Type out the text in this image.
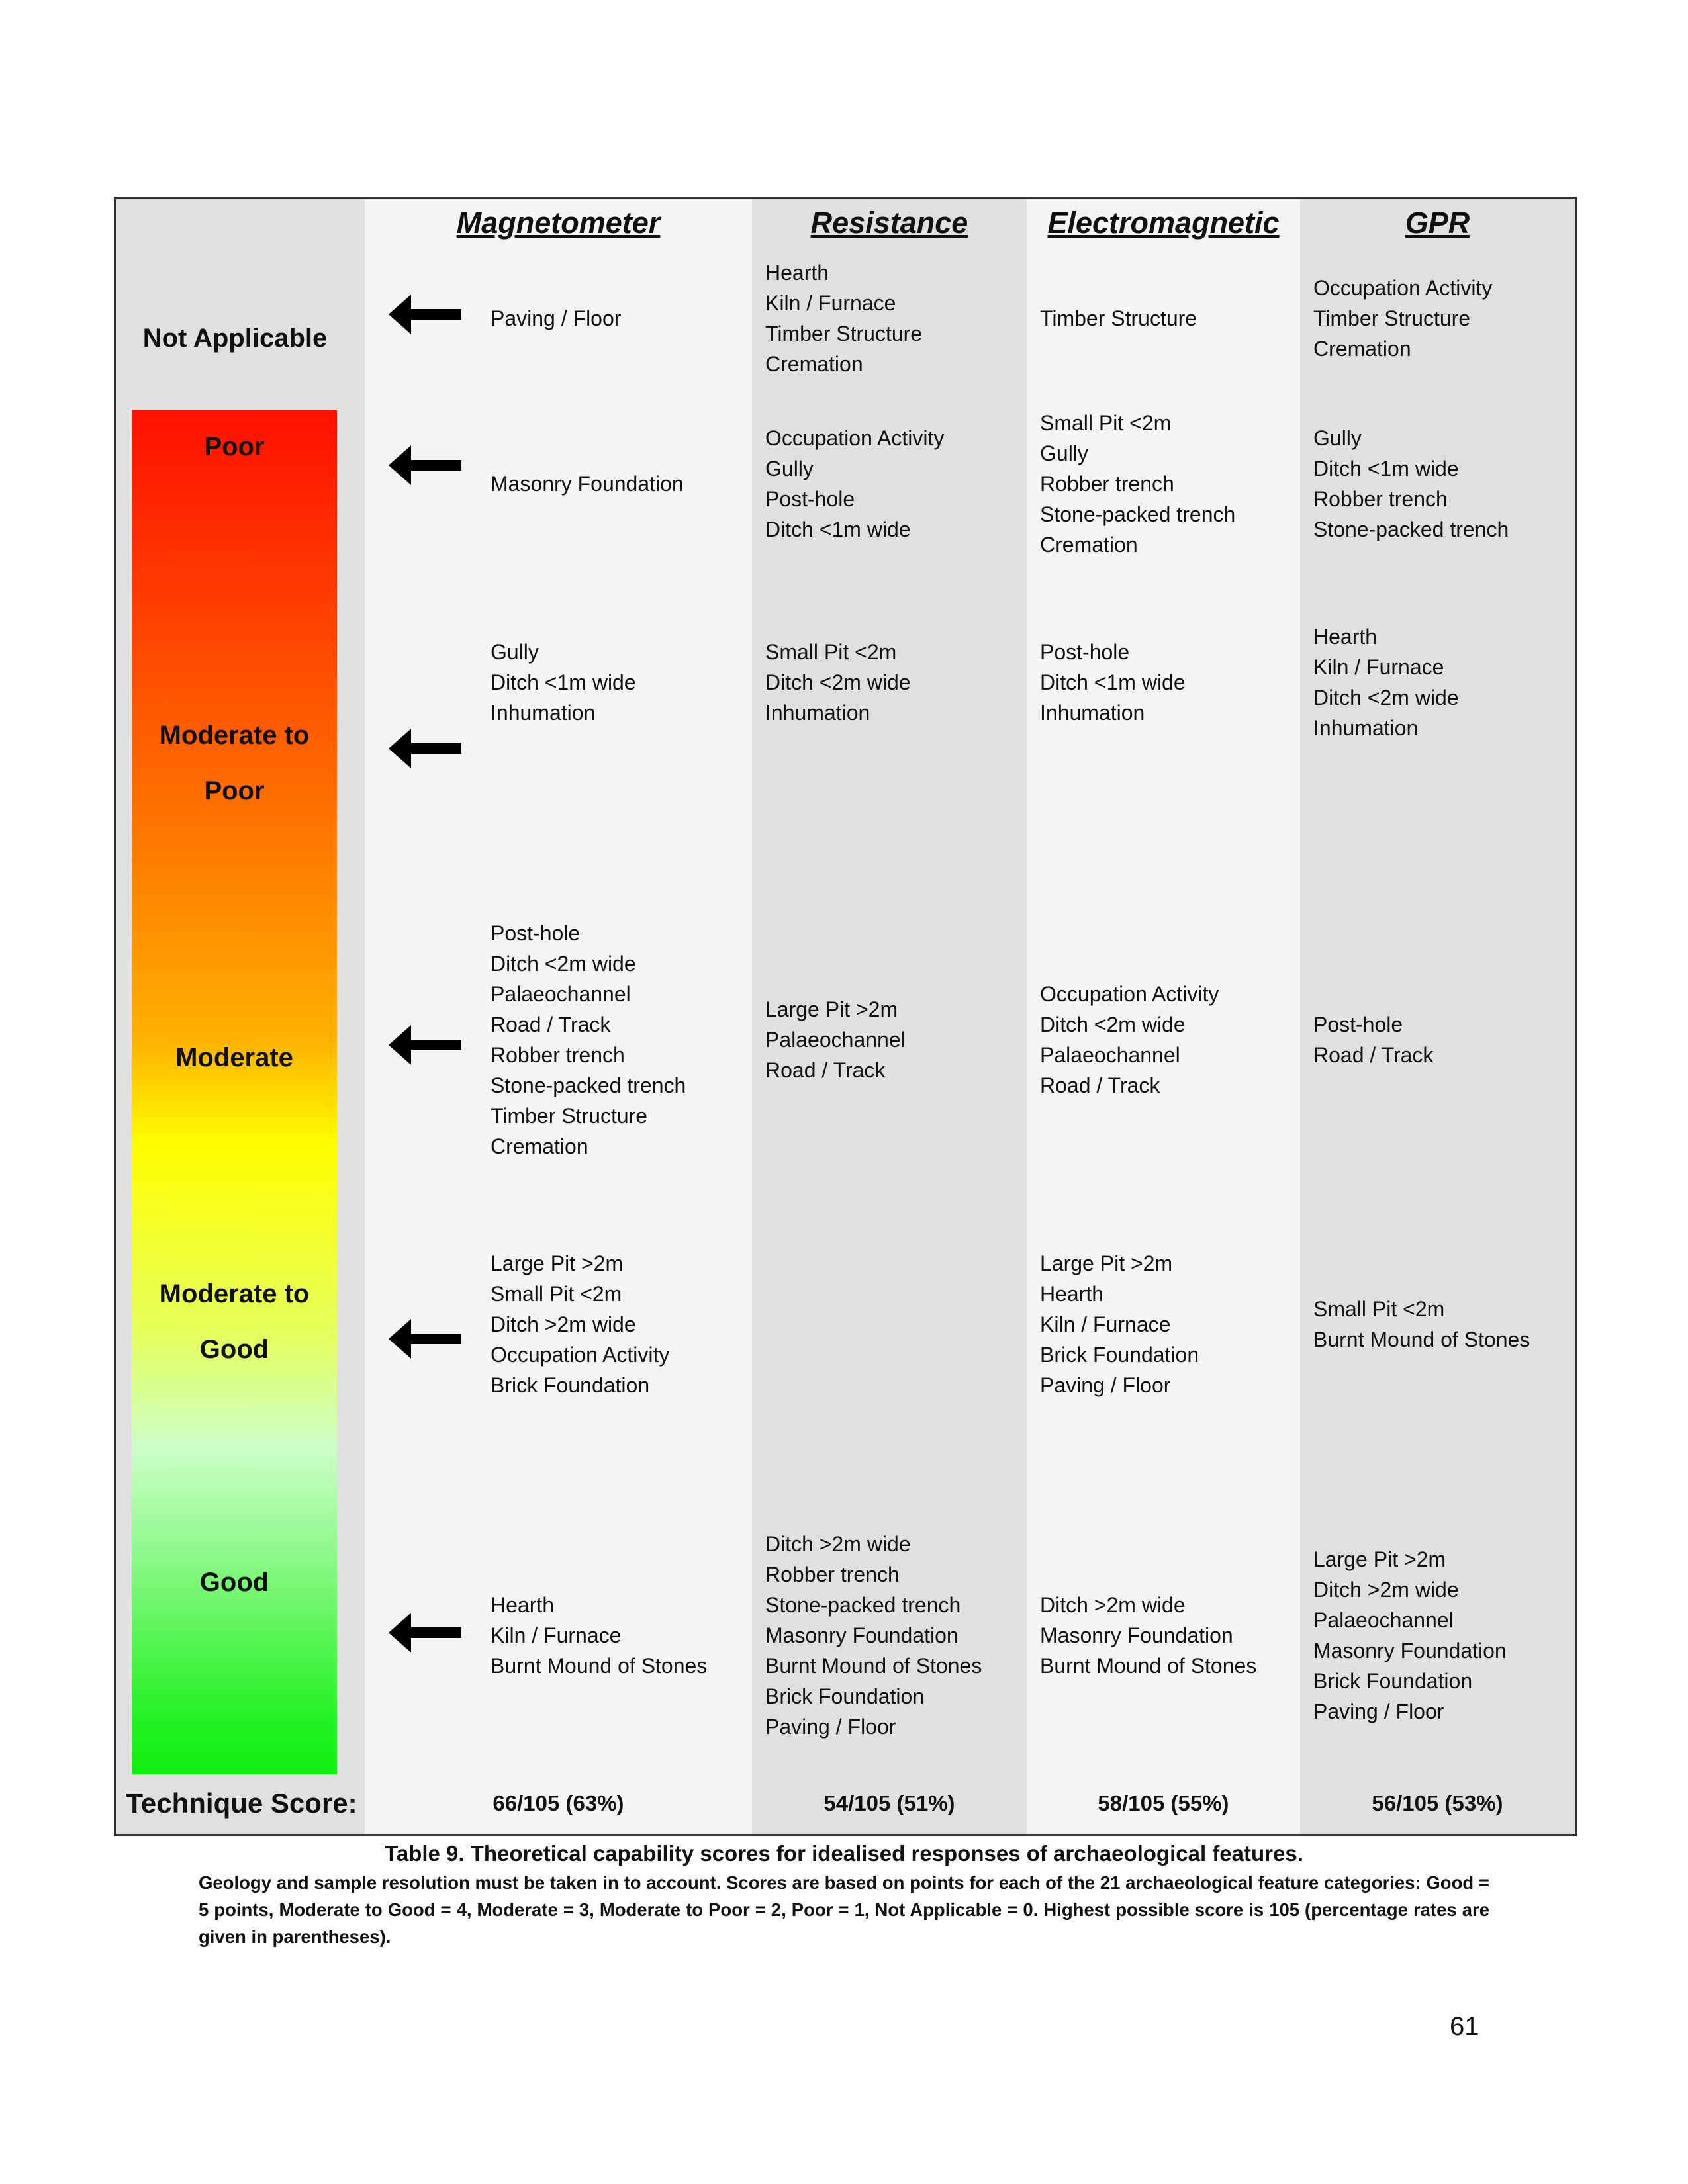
Not Applicable
Poor
Moderate to
Poor
Moderate
Moderate to
Good
Good
Technique Score:
Magnetometer
Paving / Floor
Masonry Foundation
Gully
Ditch <1m wide
Inhumation
Post-hole
Ditch <2m wide
Palaeochannel
Road / Track
Robber trench
Stone-packed trench
Timber Structure
Cremation
Large Pit >2m
Small Pit <2m
Ditch >2m wide
Occupation Activity
Brick Foundation
Hearth
Kiln / Furnace
Burnt Mound of Stones
66/105 (63%)
Resistance
Hearth
Kiln / Furnace
Timber Structure
Cremation
Occupation Activity
Gully
Post-hole
Ditch <1m wide
Small Pit <2m
Ditch <2m wide
Inhumation
Large Pit >2m
Palaeochannel
Road / Track
Ditch >2m wide
Robber trench
Stone-packed trench
Masonry Foundation
Burnt Mound of Stones
Brick Foundation
Paving / Floor
54/105 (51%)
Electromagnetic
Timber Structure
Small Pit <2m
Gully
Robber trench
Stone-packed trench
Cremation
Post-hole
Ditch <1m wide
Inhumation
Occupation Activity
Ditch <2m wide
Palaeochannel
Road / Track
Large Pit >2m
Hearth
Kiln / Furnace
Brick Foundation
Paving / Floor
Ditch >2m wide
Masonry Foundation
Burnt Mound of Stones
58/105 (55%)
GPR
Occupation Activity
Timber Structure
Cremation
Gully
Ditch <1m wide
Robber trench
Stone-packed trench
Hearth
Kiln / Furnace
Ditch <2m wide
Inhumation
Post-hole
Road / Track
Small Pit <2m
Burnt Mound of Stones
Large Pit >2m
Ditch >2m wide
Palaeochannel
Masonry Foundation
Brick Foundation
Paving / Floor
56/105 (53%)
Table 9. Theoretical capability scores for idealised responses of archaeological features.
Geology and sample resolution must be taken in to account. Scores are based on points for each of the 21 archaeological feature categories: Good = 5 points, Moderate to Good = 4, Moderate = 3, Moderate to Poor = 2, Poor = 1, Not Applicable = 0. Highest possible score is 105 (percentage rates are given in parentheses).
61
